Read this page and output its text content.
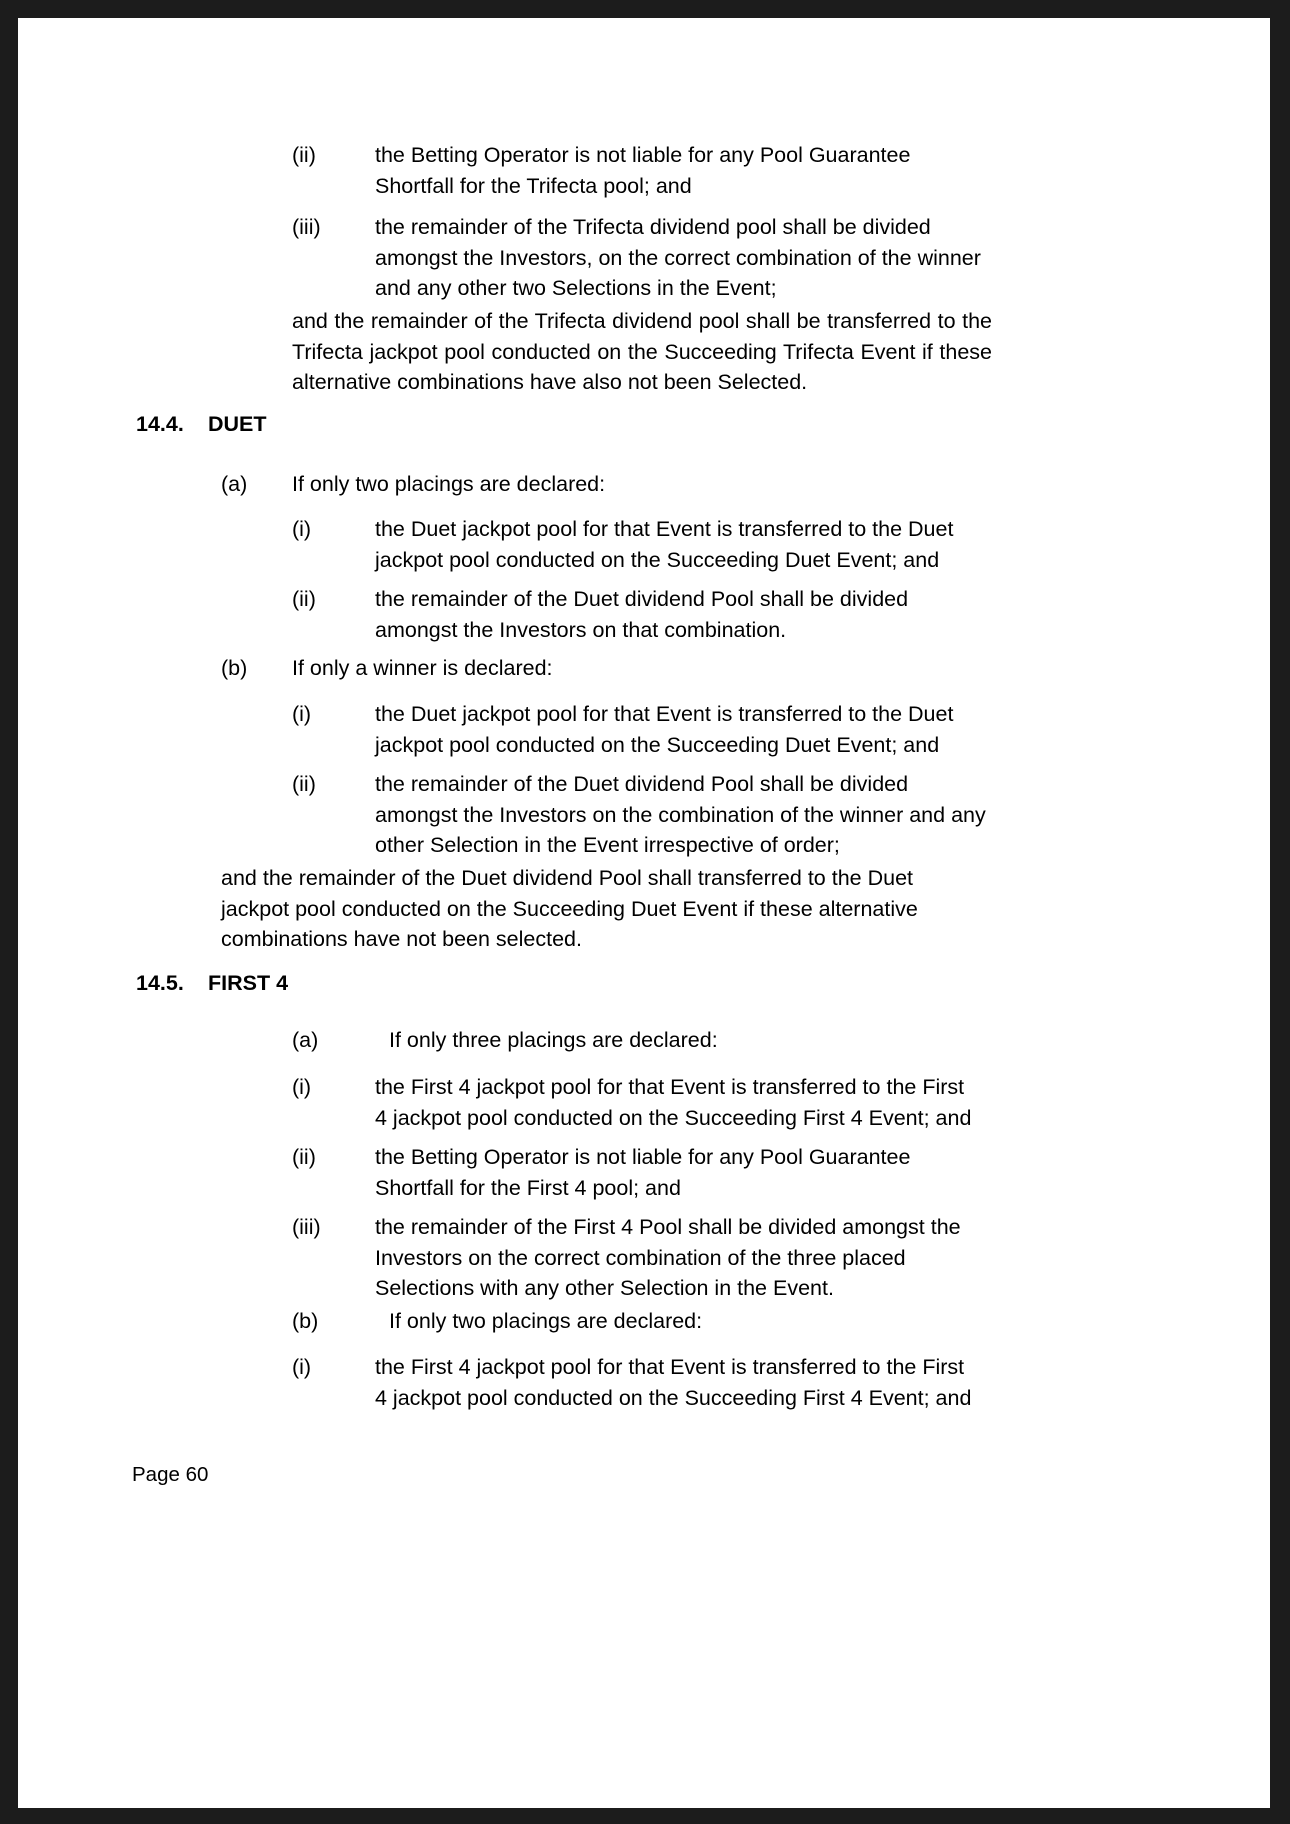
(ii)	the Betting Operator is not liable for any Pool Guarantee Shortfall for the Trifecta pool; and
(iii)	the remainder of the Trifecta dividend pool shall be divided amongst the Investors, on the correct combination of the winner and any other two Selections in the Event;
and the remainder of the Trifecta dividend pool shall be transferred to the Trifecta jackpot pool conducted on the Succeeding Trifecta Event if these alternative combinations have also not been Selected.
14.4. DUET
(a) If only two placings are declared:
(i)	the Duet jackpot pool for that Event is transferred to the Duet jackpot pool conducted on the Succeeding Duet Event; and
(ii)	the remainder of the Duet dividend Pool shall be divided amongst the Investors on that combination.
(b) If only a winner is declared:
(i)	the Duet jackpot pool for that Event is transferred to the Duet jackpot pool conducted on the Succeeding Duet Event; and
(ii)	the remainder of the Duet dividend Pool shall be divided amongst the Investors on the combination of the winner and any other Selection in the Event irrespective of order;
and the remainder of the Duet dividend Pool shall transferred to the Duet jackpot pool conducted on the Succeeding Duet Event if these alternative combinations have not been selected.
14.5. FIRST 4
(a)	If only three placings are declared:
(i)	the First 4 jackpot pool for that Event is transferred to the First 4 jackpot pool conducted on the Succeeding First 4 Event; and
(ii)	the Betting Operator is not liable for any Pool Guarantee Shortfall for the First 4 pool; and
(iii)	the remainder of the First 4 Pool shall be divided amongst the Investors on the correct combination of the three placed Selections with any other Selection in the Event.
(b)	If only two placings are declared:
(i)	the First 4 jackpot pool for that Event is transferred to the First 4 jackpot pool conducted on the Succeeding First 4 Event; and
Page 60
